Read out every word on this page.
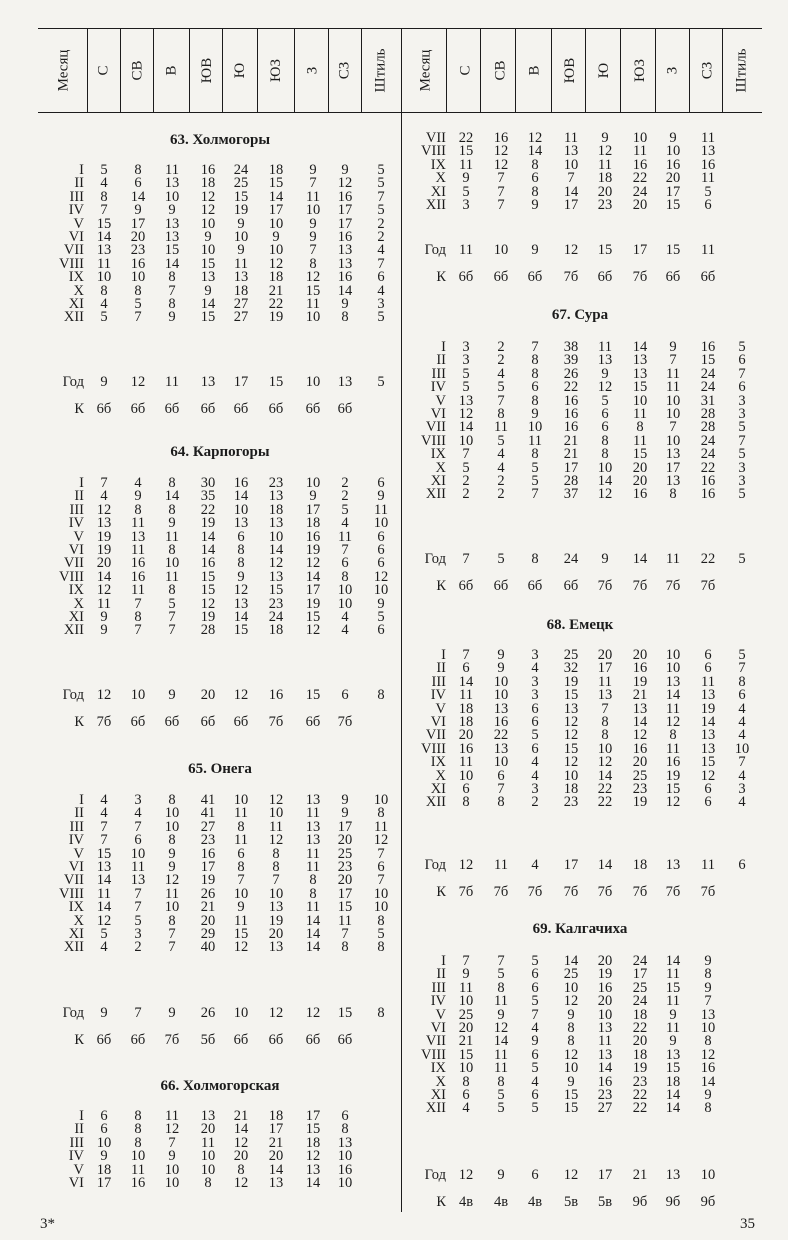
Месяц С СВ В ЮВ Ю ЮЗ З СЗ Штиль Месяц С СВ В ЮВ Ю ЮЗ З СЗ Штиль
63. Холмогоры
I	5	8	11	16	24	18	9	9	5
II	4	6	13	18	25	15	7	12	5
III	8	14	10	12	15	14	11	16	7
IV	7	9	9	12	19	17	10	17	5
V 15	17	13	10	9	10	9	17	2
VI 14	20	13	9	10	9	9	16	2
VII 13	23	15	10	9	10	7	13	4
VIII 11	16	14	15	11	12	8	13	7
IX 10	10	8	13	13	18	12	16	6
X	8	8	7	9	18	21	15	14	4
XI	4	5	8	14	27	22	11	9	3
XII	5	7	9	15	27	19	10	8	5
Год	9	12	11	13	17	15	10	13	5
К 6б	6б	6б	6б	6б	6б	6б	6б
64. Карпогоры
I	7	4	8	30	16	23	10	2	6
II	4	9	14	35	14	13	9	2	9
III 12	8	8	22	10	18	17	5	11
IV 13	11	9	19	13	13	18	4	10
V 19	13	11	14	6	10	16	11	6
VI 19	11	8	14	8	14	19	7	6
VII 20	16	10	16	8	12	12	6	6
VIII 14	16	11	15	9	13	14	8	12
IX 12	11	8	15	12	15	17	10	10
X 11	7	5	12	13	23	19	10	9
XI	9	8	7	19	14	24	15	4	5
XII	9	7	7	28	15	18	12	4	6
Год 12	10	9	20	12	16	15	6	8
К 7б	6б	6б	6б	6б	7б	6б	7б
65. Онега
I	4	3	8	41	10	12	13	9	10
II	4	4	10	41	11	10	11	9	8
III	7	7	10	27	8	11	13	17	11
IV	7	6	8	23	11	12	13	20	12
V 15	10	9	16	6	8	11	25	7
VI 13	11	9	17	8	8	11	23	6
VII 14	13	12	19	7	7	8	20	7
VIII 11	7	11	26	10	10	8	17	10
IX 14	7	10	21	9	13	11	15	10
X 12	5	8	20	11	19	14	11	8
XI	5	3	7	29	15	20	14	7	5
XII	4	2	7	40	12	13	14	8	8
Год	9	7	9	26	10	12	12	15	8
К 6б	6б	7б	5б	6б	6б	6б	6б
66. Холмогорская
I	6	8	11	13	21	18	17	6
II	6	8	12	20	14	17	15	8
III 10	8	7	11	12	21	18	13
IV	9	10	9	10	20	20	12	10
V 18	11	10	10	8	14	13	16
VI 17	16	10	8	12	13	14	10
VII 22	16	12	11	9	10	9	11
VIII 15	12	14	13	12	11	10	13
IX 11	12	8	10	11	16	16	16
X	9	7	6	7	18	22	20	11
XI	5	7	8	14	20	24	17	5
XII	3	7	9	17	23	20	15	6
Год 11	10	9	12	15	17	15	11
К 6б	6б	6б	7б	6б	7б	6б	6б
67. Сура
I	3	2	7	38	11	14	9	16	5
II	3	2	8	39	13	13	7	15	6
III	5	4	8	26	9	13	11	24	7
IV	5	5	6	22	12	15	11	24	6
V 13	7	8	16	5	10	10	31	3
VI 12	8	9	16	6	11	10	28	3
VII 14	11	10	16	6	8	7	28	5
VIII 10	5	11	21	8	11	10	24	7
IX	7	4	8	21	8	15	13	24	5
X	5	4	5	17	10	20	17	22	3
XI	2	2	5	28	14	20	13	16	3
XII	2	2	7	37	12	16	8	16	5
Год	7	5	8	24	9	14	11	22	5
К 6б	6б	6б	6б	7б	7б	7б	7б
68. Емецк
I	7	9	3	25	20	20	10	6	5
II	6	9	4	32	17	16	10	6	7
III 14	10	3	19	11	19	13	11	8
IV 11	10	3	15	13	21	14	13	6
V 18	13	6	13	7	13	11	19	4
VI 18	16	6	12	8	14	12	14	4
VII 20	22	5	12	8	12	8	13	4
VIII 16	13	6	15	10	16	11	13	10
IX 11	10	4	12	12	20	16	15	7
X 10	6	4	10	14	25	19	12	4
XI	6	7	3	18	22	23	15	6	3
XII	8	8	2	23	22	19	12	6	4
Год 12	11	4	17	14	18	13	11	6
К 7б	7б	7б	7б	7б	7б	7б	7б
69. Калгачиха
I	7	7	5	14	20	24	14	9
II	9	5	6	25	19	17	11	8
III 11	8	6	10	16	25	15	9
IV 10	11	5	12	20	24	11	7
V 25	9	7	9	10	18	9	13
VI 20	12	4	8	13	22	11	10
VII 21	14	9	8	11	20	9	8
VIII 15	11	6	12	13	18	13	12
IX 10	11	5	10	14	19	15	16
X	8	8	4	9	16	23	18	14
XI	6	5	6	15	23	22	14	9
XII	4	5	5	15	27	22	14	8
Год 12	9	6	12	17	21	13	10
К 4в	4в	4в	5в	5в	9б	9б	9б
3*	35
